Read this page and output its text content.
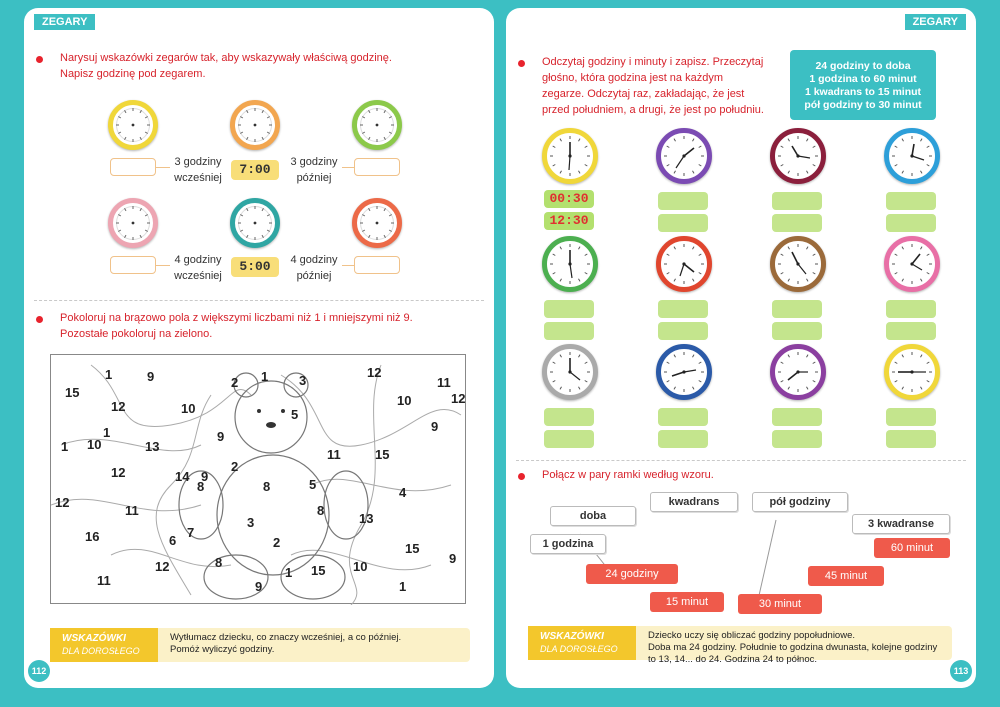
ZEGARY
Narysuj wskazówki zegarów tak, aby wskazywały właściwą godzinę.
Napisz godzinę pod zegarem.
3 godziny
wcześniej
7:00	3 godziny
później
4 godziny
wcześniej
5:00	4 godziny
później
Pokoloruj na brązowo pola z większymi liczbami niż 1 i mniejszymi niż 9.
Pozostałe pokoloruj na zielono.
15
1	9
1
2 1 3
12
11
12	10
9
5
10
1 10	13
9
11	15
12	14 9
2
8	5
4
12
12
11
8
8
3	13
16	6
7
2	15
9
12	8
1 15 10
11	9	1
WSKAZÓWKI
DLA DOROSŁEGO
Wytłumacz dziecku, co znaczy wcześniej, a co później.
Pomóż wyliczyć godziny.
112
ZEGARY
Odczytaj godziny i minuty i zapisz. Przeczytaj
głośno, która godzina jest na każdym
zegarze. Odczytaj raz, zakładając, że jest
przed południem, a drugi, że jest po południu.
24 godziny to doba
1 godzina to 60 minut
1 kwadrans to 15 minut
pół godziny to 30 minut
00:30
12:30
Połącz w pary ramki według wzoru.
doba
kwadrans	pół godziny
3 kwadranse
1 godzina	60 minut
24 godziny	45 minut
15 minut	30 minut
WSKAZÓWKI
DLA DOROSŁEGO
Dziecko uczy się obliczać godziny popołudniowe.
Doba ma 24 godziny. Południe to godzina dwunasta, kolejne godziny
to 13, 14... do 24. Godzina 24 to północ.
113
